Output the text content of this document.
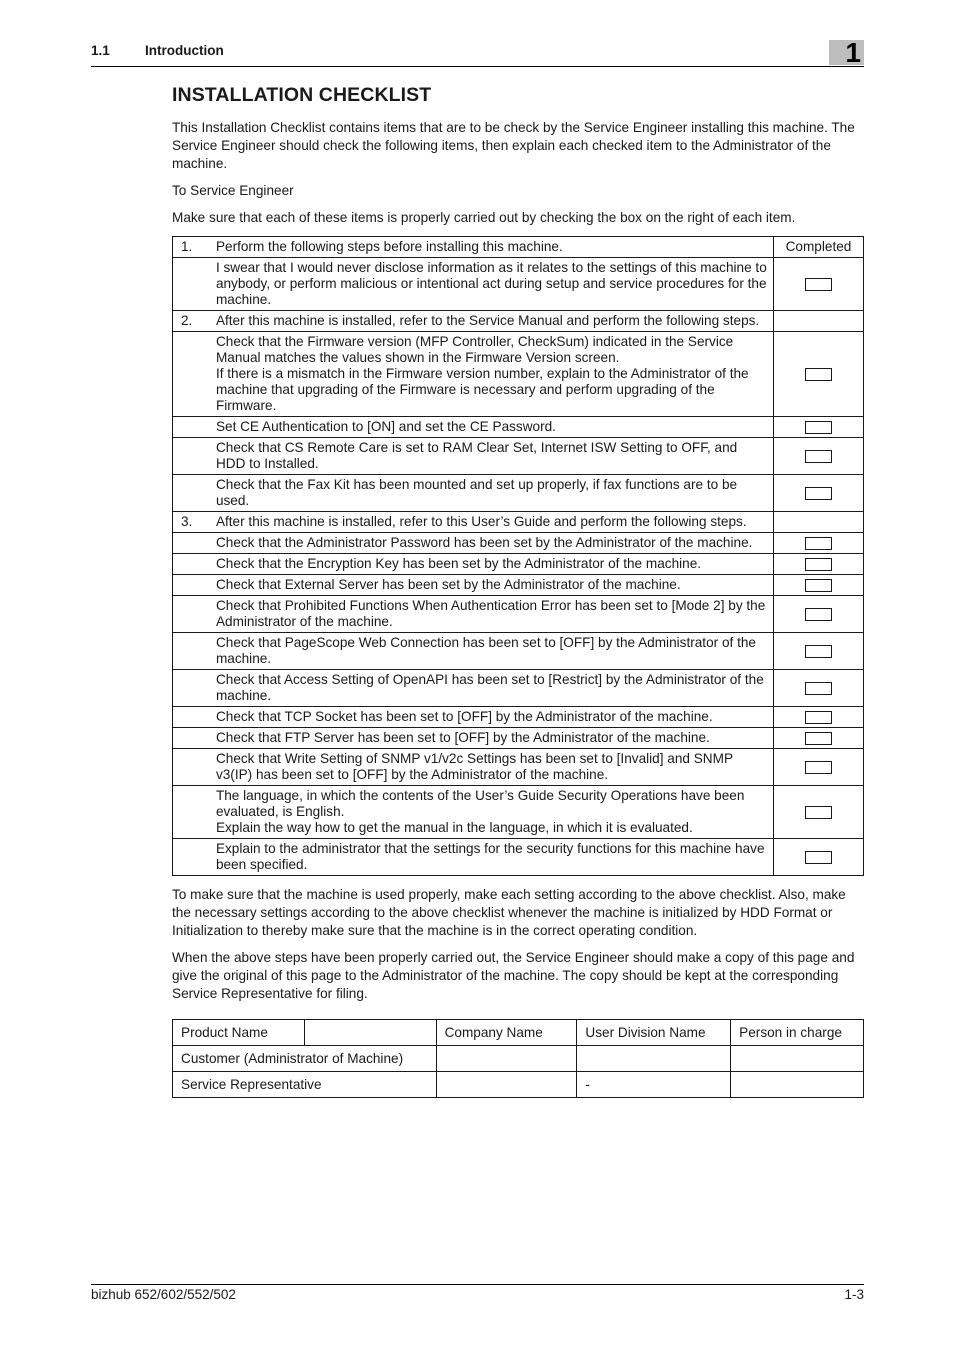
1.1	Introduction	1
INSTALLATION CHECKLIST

This Installation Checklist contains items that are to be check by the Service Engineer installing this machine. The Service Engineer should check the following items, then explain each checked item to the Administrator of the machine.

To Service Engineer

Make sure that each of these items is properly carried out by checking the box on the right of each item.

1.	Perform the following steps before installing this machine.	Completed
	I swear that I would never disclose information as it relates to the settings of this machine to anybody, or perform malicious or intentional act during setup and service procedures for the machine.	
2.	After this machine is installed, refer to the Service Manual and perform the following steps.	
	Check that the Firmware version (MFP Controller, CheckSum) indicated in the Service Manual matches the values shown in the Firmware Version screen.
If there is a mismatch in the Firmware version number, explain to the Administrator of the machine that upgrading of the Firmware is necessary and perform upgrading of the Firmware.	
	Set CE Authentication to [ON] and set the CE Password.	
	Check that CS Remote Care is set to RAM Clear Set, Internet ISW Setting to OFF, and HDD to Installed.	
	Check that the Fax Kit has been mounted and set up properly, if fax functions are to be used.	
3.	After this machine is installed, refer to this User’s Guide and perform the following steps.	
	Check that the Administrator Password has been set by the Administrator of the machine.	
	Check that the Encryption Key has been set by the Administrator of the machine.	
	Check that External Server has been set by the Administrator of the machine.	
	Check that Prohibited Functions When Authentication Error has been set to [Mode 2] by the Administrator of the machine.	
	Check that PageScope Web Connection has been set to [OFF] by the Administrator of the machine.	
	Check that Access Setting of OpenAPI has been set to [Restrict] by the Administrator of the machine.	
	Check that TCP Socket has been set to [OFF] by the Administrator of the machine.	
	Check that FTP Server has been set to [OFF] by the Administrator of the machine.	
	Check that Write Setting of SNMP v1/v2c Settings has been set to [Invalid] and SNMP v3(IP) has been set to [OFF] by the Administrator of the machine.	
	The language, in which the contents of the User’s Guide Security Operations have been evaluated, is English.
Explain the way how to get the manual in the language, in which it is evaluated.	
	Explain to the administrator that the settings for the security functions for this machine have been specified.	

To make sure that the machine is used properly, make each setting according to the above checklist. Also, make the necessary settings according to the above checklist whenever the machine is initialized by HDD Format or Initialization to thereby make sure that the machine is in the correct operating condition.

When the above steps have been properly carried out, the Service Engineer should make a copy of this page and give the original of this page to the Administrator of the machine. The copy should be kept at the corresponding Service Representative for filing.

Product Name		Company Name	User Division Name	Person in charge
Customer (Administrator of Machine)				
Service Representative			-	
bizhub 652/602/552/502	1-3
